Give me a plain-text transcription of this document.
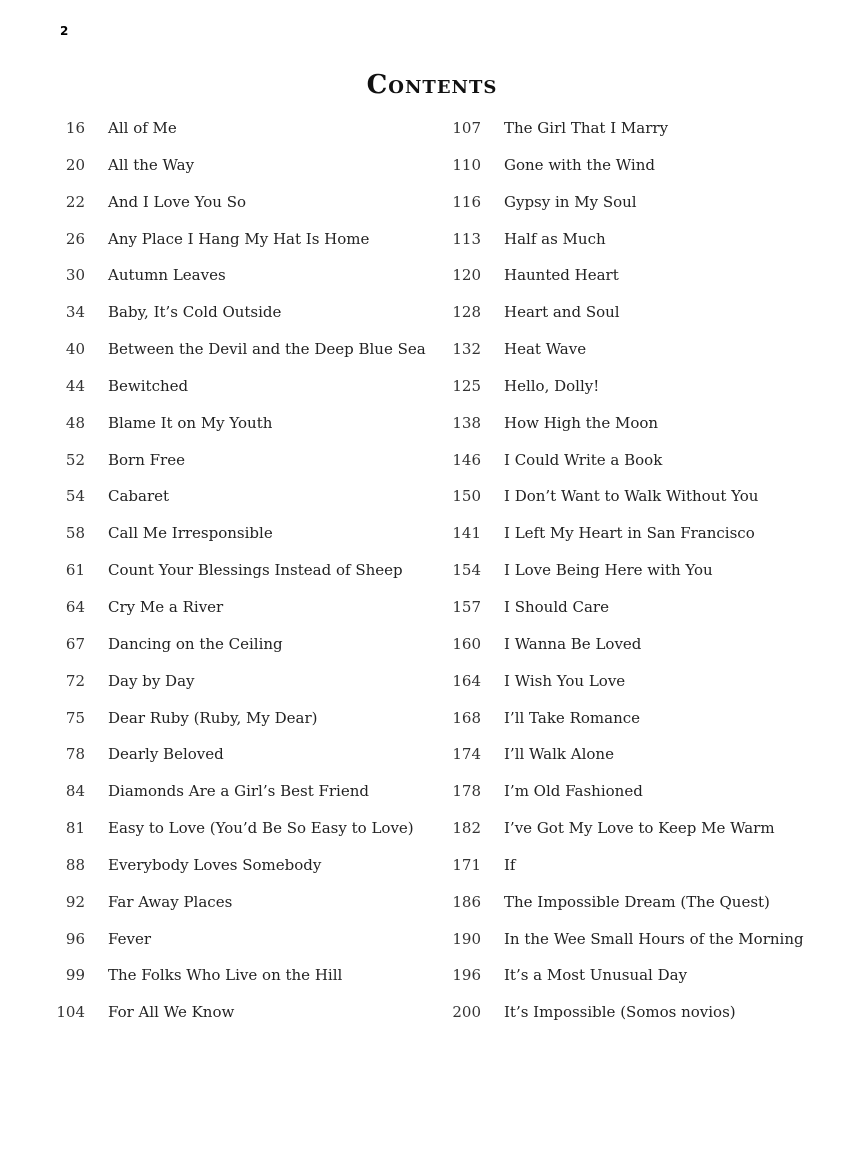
2
Contents
16 All of Me
20 All the Way
22 And I Love You So
26 Any Place I Hang My Hat Is Home
30 Autumn Leaves
34 Baby, It’s Cold Outside
40 Between the Devil and the Deep Blue Sea
44 Bewitched
48 Blame It on My Youth
52 Born Free
54 Cabaret
58 Call Me Irresponsible
61 Count Your Blessings Instead of Sheep
64 Cry Me a River
67 Dancing on the Ceiling
72 Day by Day
75 Dear Ruby (Ruby, My Dear)
78 Dearly Beloved
84 Diamonds Are a Girl’s Best Friend
81 Easy to Love (You’d Be So Easy to Love)
88 Everybody Loves Somebody
92 Far Away Places
96 Fever
99 The Folks Who Live on the Hill
104 For All We Know
107 The Girl That I Marry
110 Gone with the Wind
116 Gypsy in My Soul
113 Half as Much
120 Haunted Heart
128 Heart and Soul
132 Heat Wave
125 Hello, Dolly!
138 How High the Moon
146 I Could Write a Book
150 I Don’t Want to Walk Without You
141 I Left My Heart in San Francisco
154 I Love Being Here with You
157 I Should Care
160 I Wanna Be Loved
164 I Wish You Love
168 I’ll Take Romance
174 I’ll Walk Alone
178 I’m Old Fashioned
182 I’ve Got My Love to Keep Me Warm
171 If
186 The Impossible Dream (The Quest)
190 In the Wee Small Hours of the Morning
196 It’s a Most Unusual Day
200 It’s Impossible (Somos novios)
